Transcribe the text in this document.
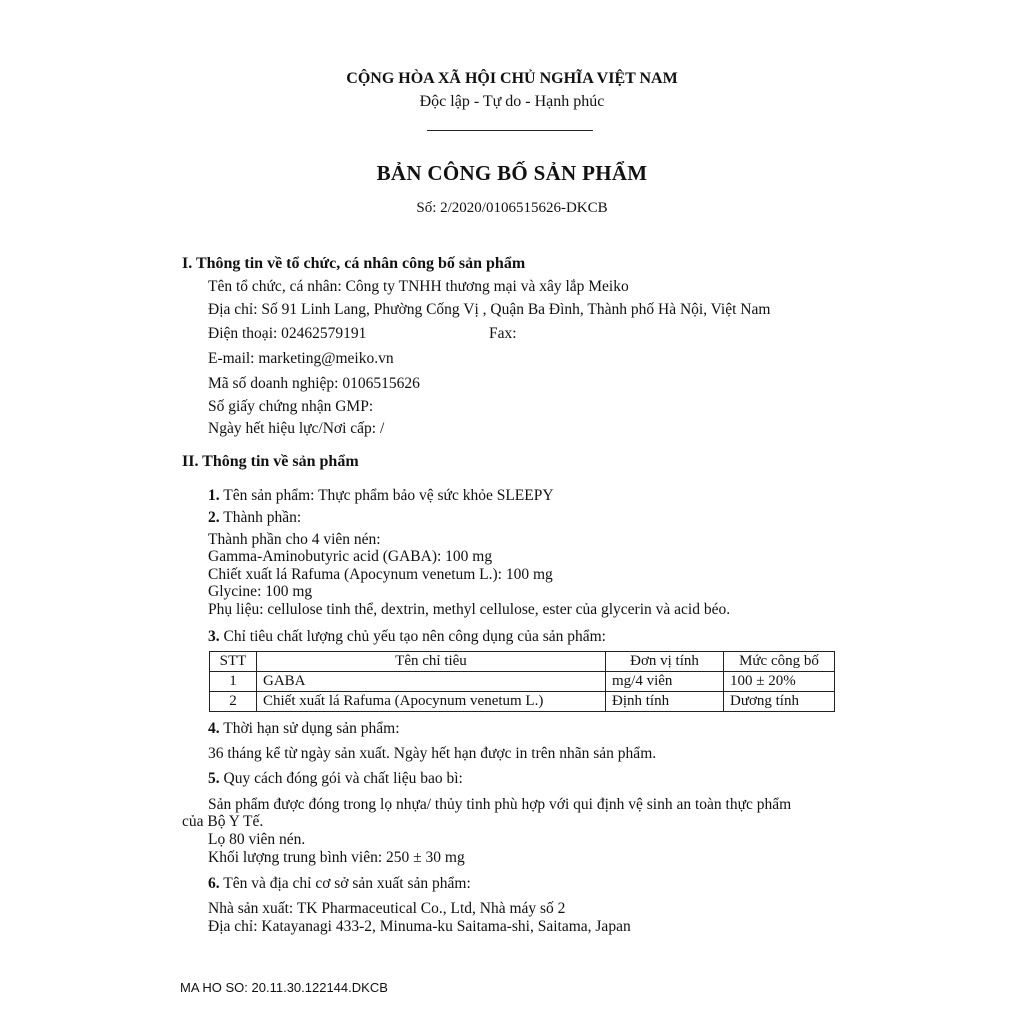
CỘNG HÒA XÃ HỘI CHỦ NGHĨA VIỆT NAM
Độc lập - Tự do - Hạnh phúc
BẢN CÔNG BỐ SẢN PHẨM
Số: 2/2020/0106515626-DKCB
I. Thông tin về tổ chức, cá nhân công bố sản phẩm
Tên tổ chức, cá nhân: Công ty TNHH thương mại và xây lắp Meiko
Địa chỉ: Số 91 Linh Lang, Phường Cống Vị , Quận Ba Đình, Thành phố Hà Nội, Việt Nam
Điện thoại: 02462579191	Fax:
E-mail: marketing@meiko.vn
Mã số doanh nghiệp: 0106515626
Số giấy chứng nhận GMP:
Ngày hết hiệu lực/Nơi cấp: /
II. Thông tin về sản phẩm
1. Tên sản phẩm: Thực phẩm bảo vệ sức khỏe SLEEPY
2. Thành phần:
Thành phần cho 4 viên nén:
Gamma-Aminobutyric acid (GABA): 100 mg
Chiết xuất lá Rafuma (Apocynum venetum L.): 100 mg
Glycine: 100 mg
Phụ liệu: cellulose tinh thể, dextrin, methyl cellulose, ester của glycerin và acid béo.
3. Chỉ tiêu chất lượng chủ yếu tạo nên công dụng của sản phẩm:
STT	Tên chỉ tiêu	Đơn vị tính	Mức công bố
1	GABA	mg/4 viên	100 ± 20%
2	Chiết xuất lá Rafuma (Apocynum venetum L.)	Định tính	Dương tính
4. Thời hạn sử dụng sản phẩm:
36 tháng kể từ ngày sản xuất. Ngày hết hạn được in trên nhãn sản phẩm.
5. Quy cách đóng gói và chất liệu bao bì:
Sản phẩm được đóng trong lọ nhựa/ thủy tinh phù hợp với qui định vệ sinh an toàn thực phẩm
của Bộ Y Tế.
Lọ 80 viên nén.
Khối lượng trung bình viên: 250 ± 30 mg
6. Tên và địa chỉ cơ sở sản xuất sản phẩm:
Nhà sản xuất: TK Pharmaceutical Co., Ltd, Nhà máy số 2
Địa chỉ: Katayanagi 433-2, Minuma-ku Saitama-shi, Saitama, Japan
MA HO SO: 20.11.30.122144.DKCB
